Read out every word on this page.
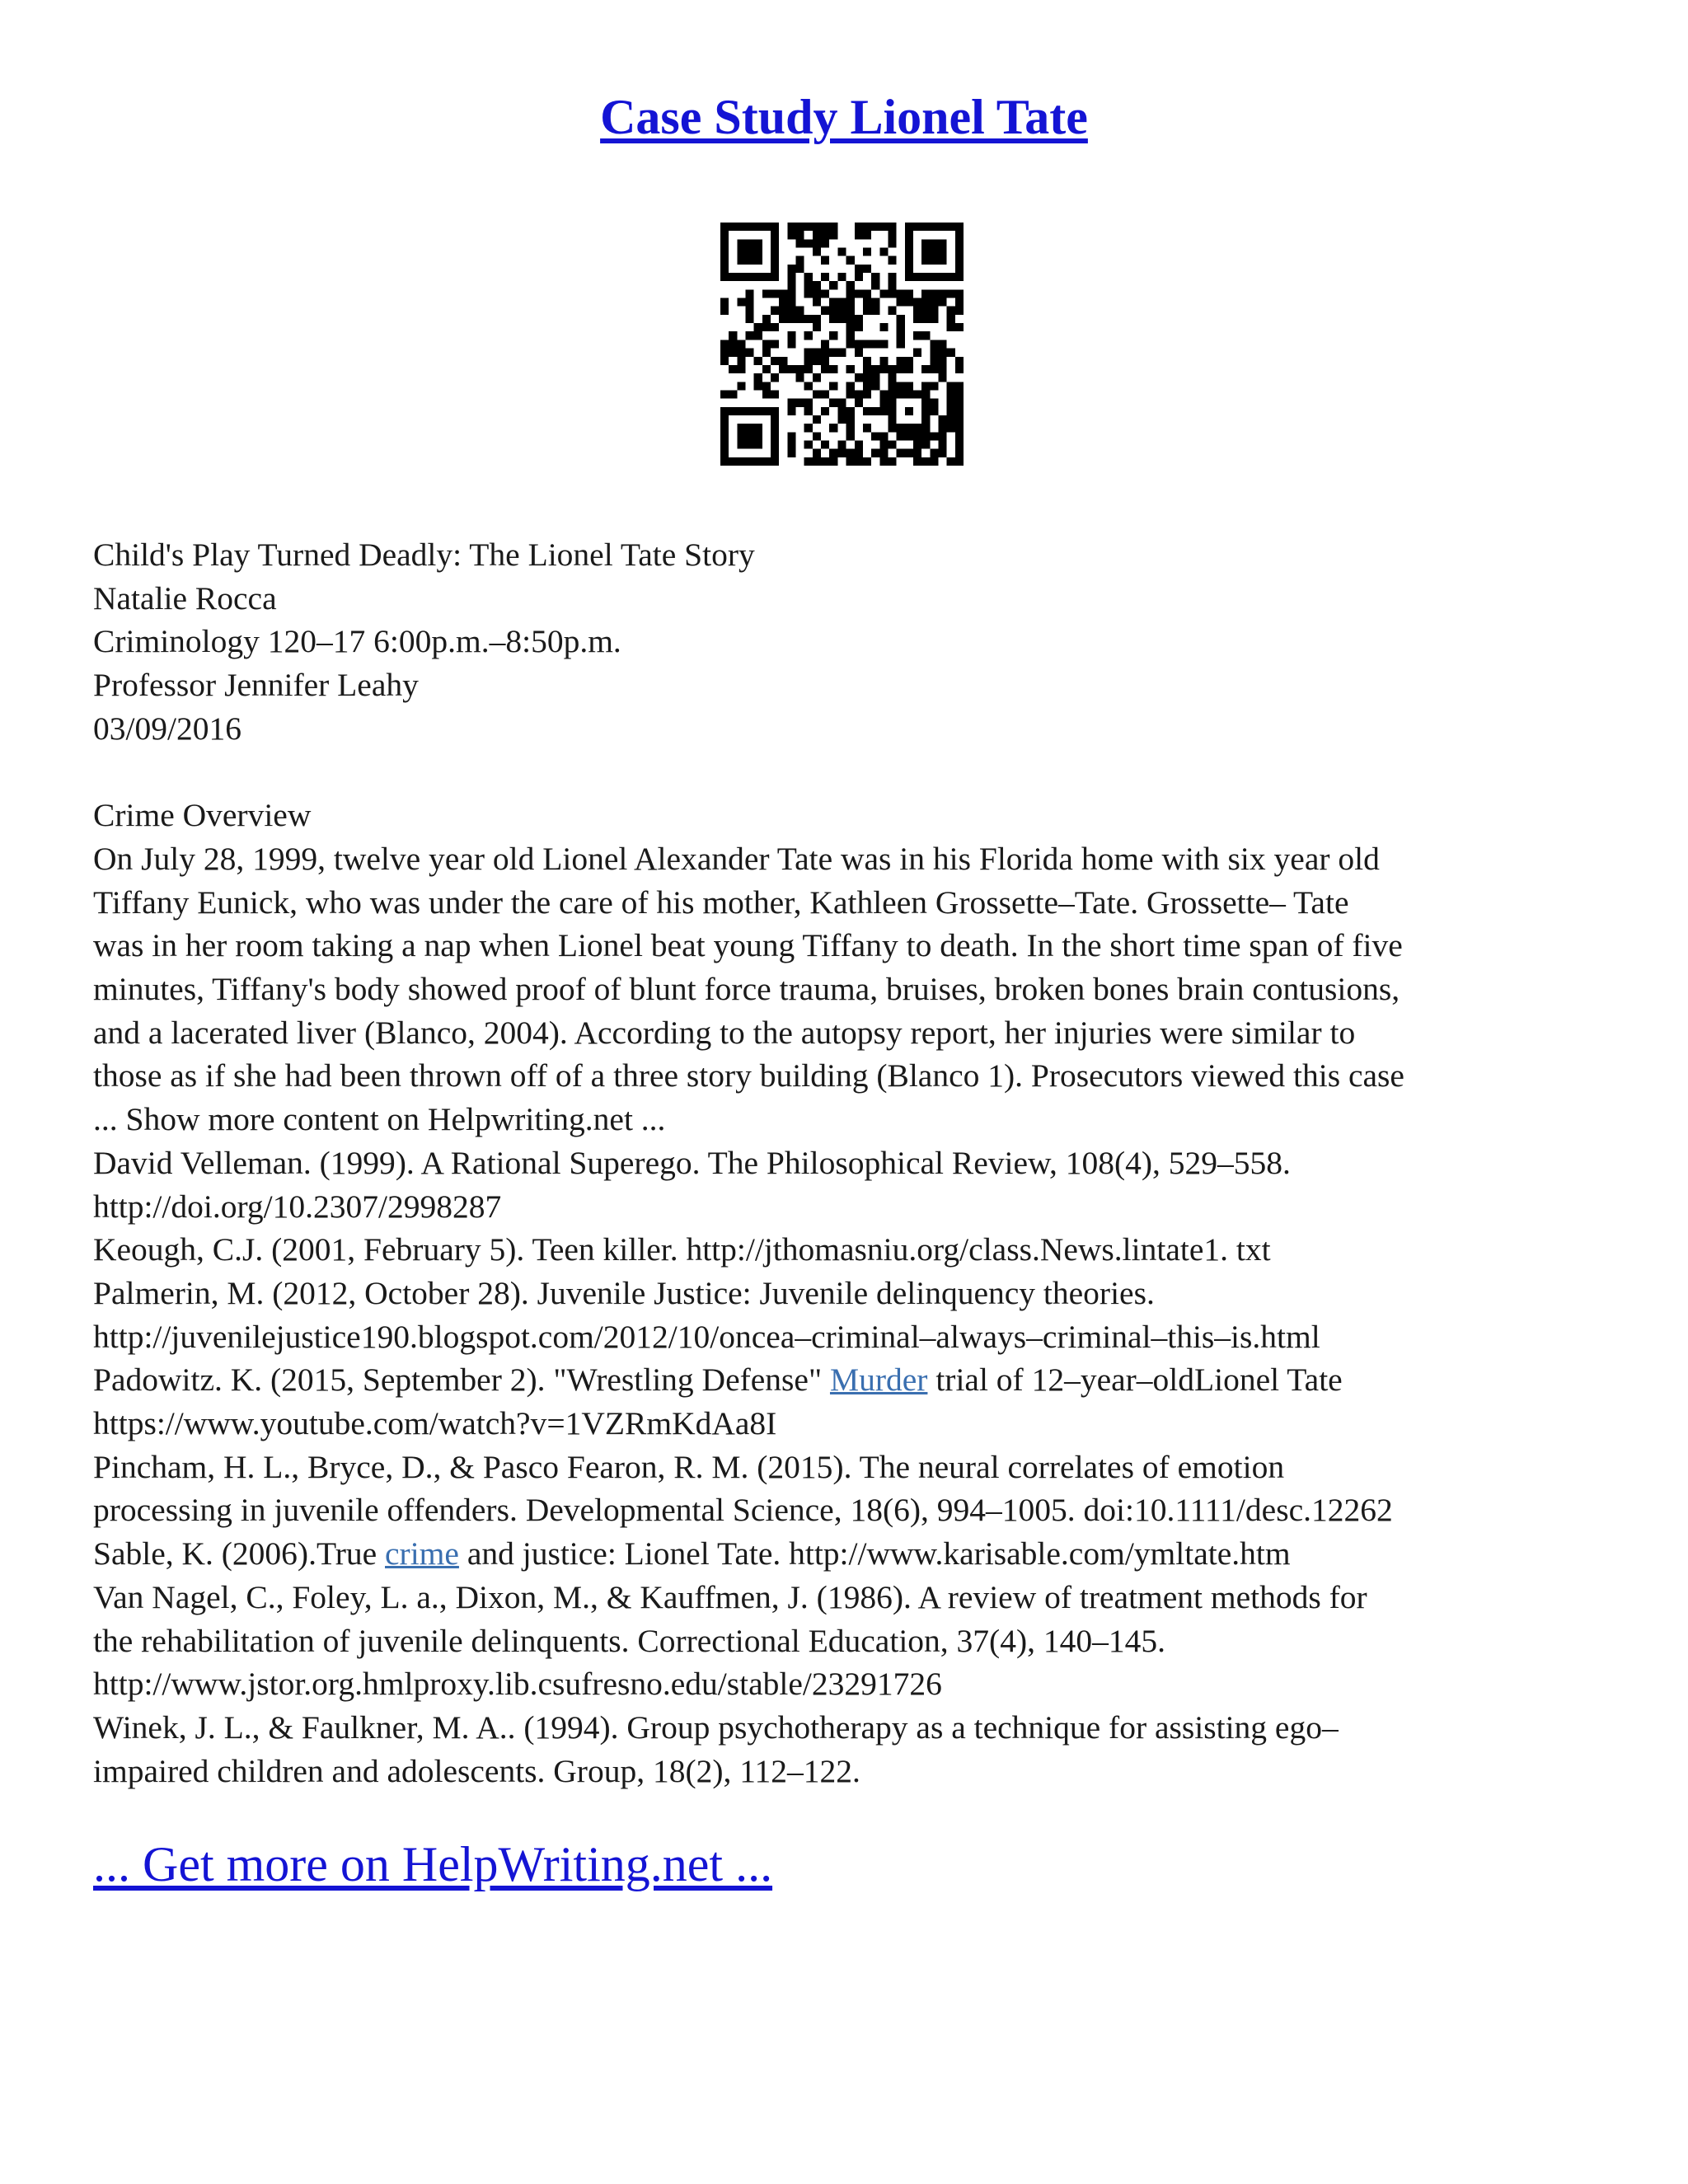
Case Study Lionel Tate
Child's Play Turned Deadly: The Lionel Tate Story
Natalie Rocca
Criminology 120–17 6:00p.m.–8:50p.m.
Professor Jennifer Leahy
03/09/2016
Crime Overview
On July 28, 1999, twelve year old Lionel Alexander Tate was in his Florida home with six year old
Tiffany Eunick, who was under the care of his mother, Kathleen Grossette–Tate. Grossette– Tate
was in her room taking a nap when Lionel beat young Tiffany to death. In the short time span of five
minutes, Tiffany's body showed proof of blunt force trauma, bruises, broken bones brain contusions,
and a lacerated liver (Blanco, 2004). According to the autopsy report, her injuries were similar to
those as if she had been thrown off of a three story building (Blanco 1). Prosecutors viewed this case
... Show more content on Helpwriting.net ...
David Velleman. (1999). A Rational Superego. The Philosophical Review, 108(4), 529–558.
http://doi.org/10.2307/2998287
Keough, C.J. (2001, February 5). Teen killer. http://jthomasniu.org/class.News.lintate1. txt
Palmerin, M. (2012, October 28). Juvenile Justice: Juvenile delinquency theories.
http://juvenilejustice190.blogspot.com/2012/10/oncea–criminal–always–criminal–this–is.html
Padowitz. K. (2015, September 2). "Wrestling Defense" Murder trial of 12–year–oldLionel Tate
https://www.youtube.com/watch?v=1VZRmKdAa8I
Pincham, H. L., Bryce, D., & Pasco Fearon, R. M. (2015). The neural correlates of emotion
processing in juvenile offenders. Developmental Science, 18(6), 994–1005. doi:10.1111/desc.12262
Sable, K. (2006).True crime and justice: Lionel Tate. http://www.karisable.com/ymltate.htm
Van Nagel, C., Foley, L. a., Dixon, M., & Kauffmen, J. (1986). A review of treatment methods for
the rehabilitation of juvenile delinquents. Correctional Education, 37(4), 140–145.
http://www.jstor.org.hmlproxy.lib.csufresno.edu/stable/23291726
Winek, J. L., & Faulkner, M. A.. (1994). Group psychotherapy as a technique for assisting ego–
impaired children and adolescents. Group, 18(2), 112–122.
... Get more on HelpWriting.net ...
